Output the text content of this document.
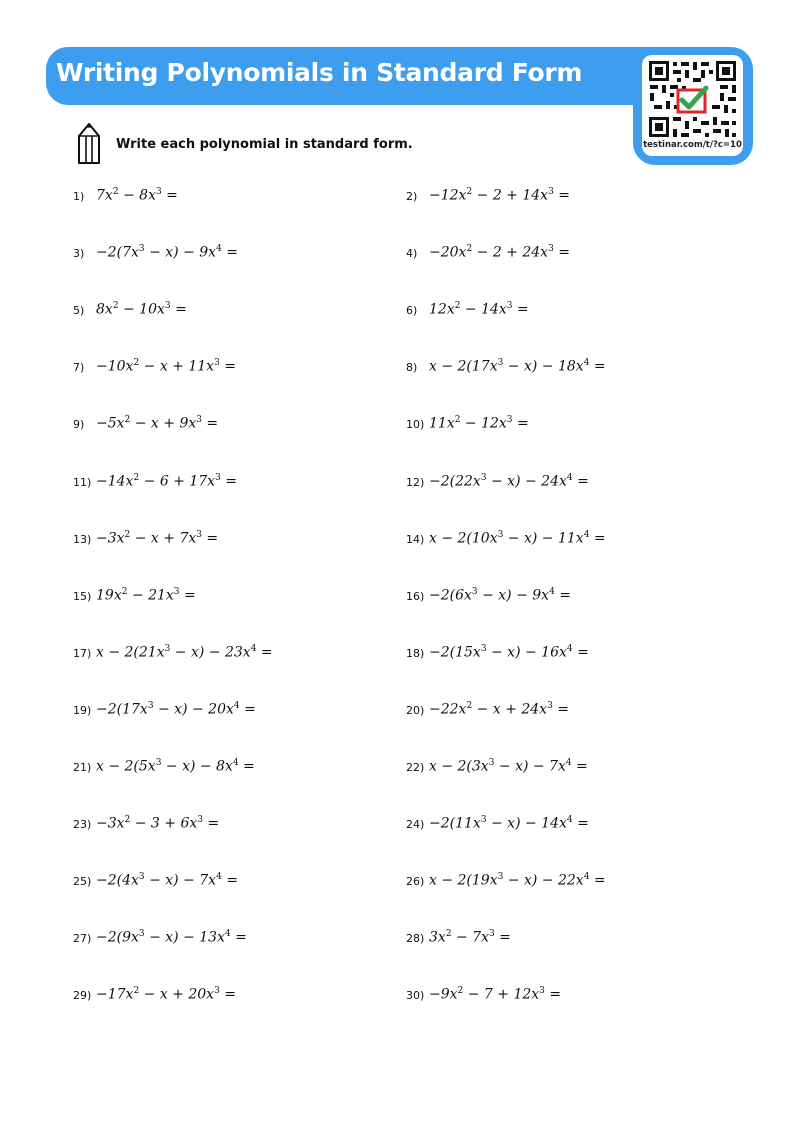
Writing Polynomials in Standard Form
testinar.com/t/?c=10

Write each polynomial in standard form.

1) $7x^2 - 8x^3$ =	$2) -12x^2 - 2 + 14x^3$ =
$3) -2(7x^3 - x) - 9x^4$ =	$4) -20x^2 - 2 + 24x^3$ =
5) $8x^2 - 10x^3$ =	6) $12x^2 - 14x^3$ =
$7) -10x^2 - x + 11x^3$ =	8) $x - 2(17x^3 - x) - 18x^4$ =
$9) -5x^2 - x + 9x^3$ =	10) $11x^2 - 12x^3$ =
$11) -14x^2 - 6 + 17x^3$ =	$12) -2(22x^3 - x) - 24x^4$ =
$13) -3x^2 - x + 7x^3$ =	14) $x - 2(10x^3 - x) - 11x^4$ =
15) $19x^2 - 21x^3$ =	$16) -2(6x^3 - x) - 9x^4$ =
17) $x - 2(21x^3 - x) - 23x^4$ =	$18) -2(15x^3 - x) - 16x^4$ =
$19) -2(17x^3 - x) - 20x^4$ =	$20) -22x^2 - x + 24x^3$ =
21) $x - 2(5x^3 - x) - 8x^4$ =	22) $x - 2(3x^3 - x) - 7x^4$ =
$23) -3x^2 - 3 + 6x^3$ =	$24) -2(11x^3 - x) - 14x^4$ =
$25) -2(4x^3 - x) - 7x^4$ =	26) $x - 2(19x^3 - x) - 22x^4$ =
$27) -2(9x^3 - x) - 13x^4$ =	28) $3x^2 - 7x^3$ =
$29) -17x^2 - x + 20x^3$ =	$30) -9x^2 - 7 + 12x^3$ =
